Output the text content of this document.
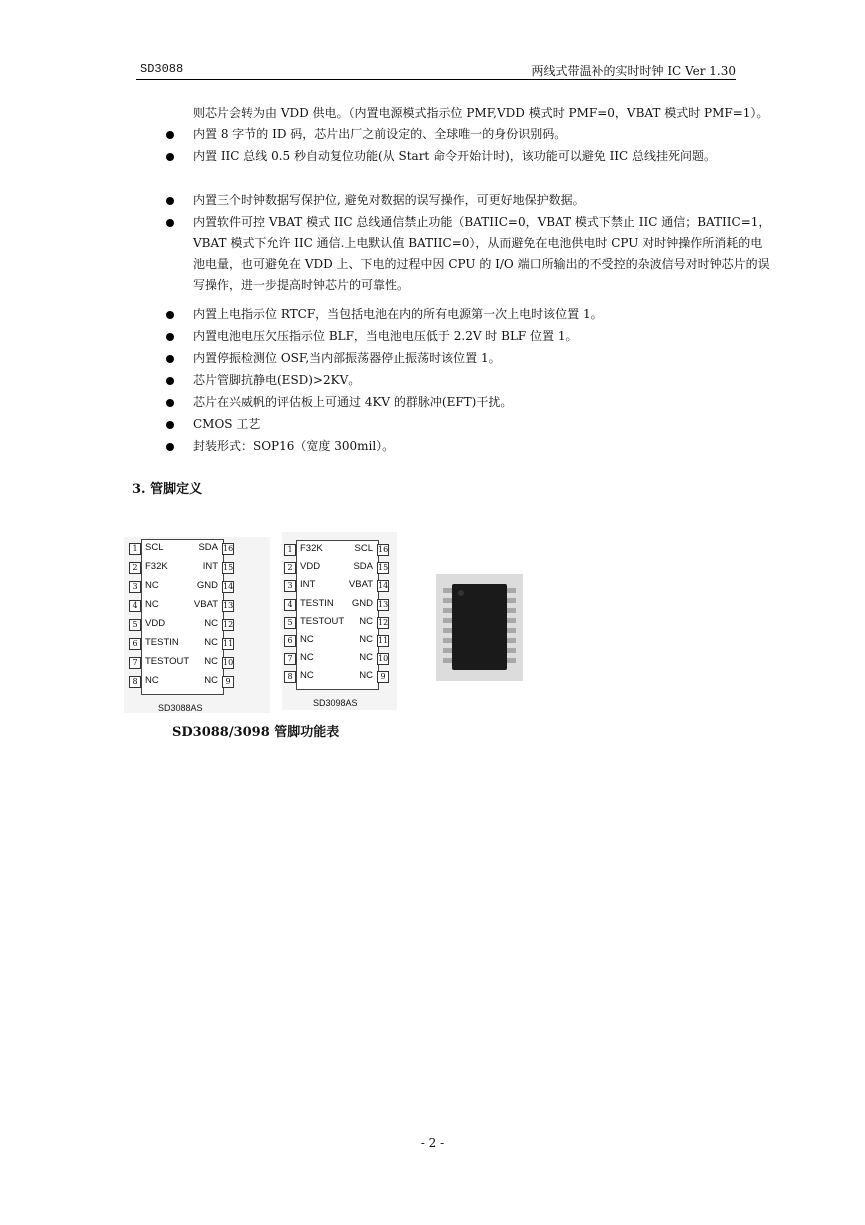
SD3088	两线式带温补的实时时钟 IC Ver 1.30
则芯片会转为由 VDD 供电。（内置电源模式指示位 PMF,VDD 模式时 PMF=0，VBAT 模式时 PMF=1）。
内置 8 字节的 ID 码，芯片出厂之前设定的、全球唯一的身份识别码。
内置 IIC 总线 0.5 秒自动复位功能(从 Start 命令开始计时)，该功能可以避免 IIC 总线挂死问题。
内置三个时钟数据写保护位, 避免对数据的误写操作，可更好地保护数据。
内置软件可控 VBAT 模式 IIC 总线通信禁止功能（BATIIC=0，VBAT 模式下禁止 IIC 通信；BATIIC=1，VBAT 模式下允许 IIC 通信.上电默认值 BATIIC=0），从而避免在电池供电时 CPU 对时钟操作所消耗的电池电量，也可避免在 VDD 上、下电的过程中因 CPU 的 I/O 端口所输出的不受控的杂波信号对时钟芯片的误写操作，进一步提高时钟芯片的可靠性。
内置上电指示位 RTCF，当包括电池在内的所有电源第一次上电时该位置 1。
内置电池电压欠压指示位 BLF，当电池电压低于 2.2V 时 BLF 位置 1。
内置停振检测位 OSF,当内部振荡器停止振荡时该位置 1。
芯片管脚抗静电(ESD)>2KV。
芯片在兴威帆的评估板上可通过 4KV 的群脉冲(EFT)干扰。
CMOS 工艺
封装形式：SOP16（宽度 300mil）。
3. 管脚定义
1 SCL
2 F32K
3 NC
4 NC
5 VDD
6 TESTIN
7 TESTOUT
8 NC
16
SDA
15
INT
14
GND
13
VBAT
12
NC
11
NC
10
NC
9
NC
SD3088AS
1 F32K
2 VDD
3 INT
4 TESTIN
5 TESTOUT
6 NC
7 NC
8 NC
16
SCL
15
SDA
14
VBAT
13
GND
12
NC
11
NC
10
NC
9
NC
SD3098AS
SD3088/3098 管脚功能表
- 2 -
